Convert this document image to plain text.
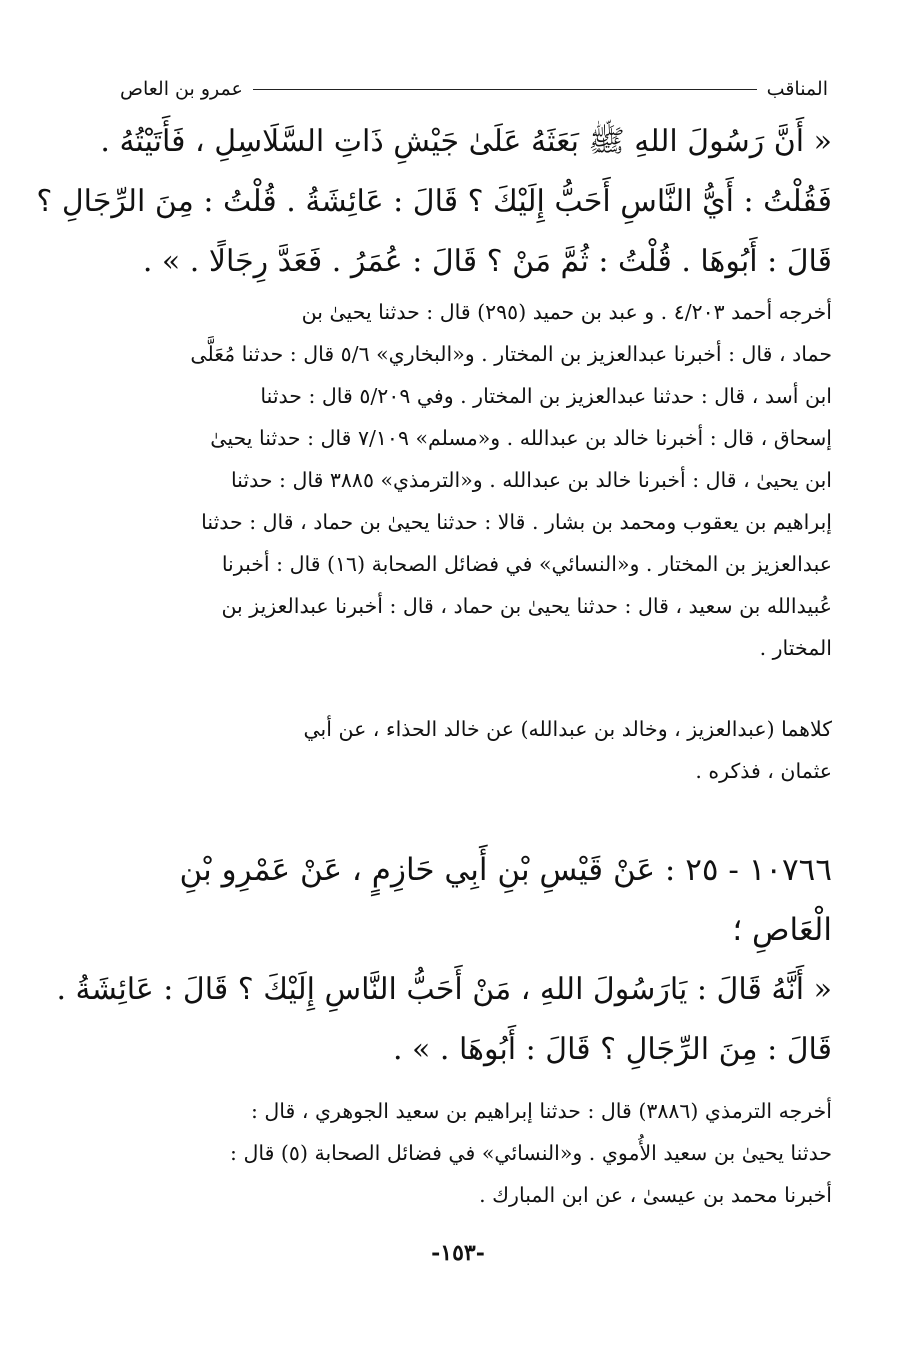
المناقب
عمرو بن العاص
« أَنَّ رَسُولَ اللهِ ﷺ بَعَثَهُ عَلَىٰ جَيْشِ ذَاتِ السَّلَاسِلِ ، فَأَتَيْتُهُ .
فَقُلْتُ : أَيُّ النَّاسِ أَحَبُّ إِلَيْكَ ؟ قَالَ : عَائِشَةُ . قُلْتُ : مِنَ الرِّجَالِ ؟
قَالَ : أَبُوهَا . قُلْتُ : ثُمَّ مَنْ ؟ قَالَ : عُمَرُ . فَعَدَّ رِجَالًا . » .
أخرجه أحمد ٤/٢٠٣ . و عبد بن حميد (٢٩٥) قال : حدثنا يحيىٰ بن
حماد ، قال : أخبرنا عبدالعزيز بن المختار . و«البخاري» ٥/٦ قال : حدثنا مُعَلَّى
ابن أسد ، قال : حدثنا عبدالعزيز بن المختار . وفي ٥/٢٠٩ قال : حدثنا
إسحاق ، قال : أخبرنا خالد بن عبدالله . و«مسلم» ٧/١٠٩ قال : حدثنا يحيىٰ
ابن يحيىٰ ، قال : أخبرنا خالد بن عبدالله . و«الترمذي» ٣٨٨٥ قال : حدثنا
إبراهيم بن يعقوب ومحمد بن بشار . قالا : حدثنا يحيىٰ بن حماد ، قال : حدثنا
عبدالعزيز بن المختار . و«النسائي» في فضائل الصحابة (١٦) قال : أخبرنا
عُبيدالله بن سعيد ، قال : حدثنا يحيىٰ بن حماد ، قال : أخبرنا عبدالعزيز بن
المختار .
كلاهما (عبدالعزيز ، وخالد بن عبدالله) عن خالد الحذاء ، عن أبي
عثمان ، فذكره .
١٠٧٦٦ - ٢٥ : عَنْ قَيْسِ بْنِ أَبِي حَازِمٍ ، عَنْ عَمْرِو بْنِ
الْعَاصِ ؛
« أَنَّهُ قَالَ : يَارَسُولَ اللهِ ، مَنْ أَحَبُّ النَّاسِ إِلَيْكَ ؟ قَالَ : عَائِشَةُ .
قَالَ : مِنَ الرِّجَالِ ؟ قَالَ : أَبُوهَا . » .
أخرجه الترمذي (٣٨٨٦) قال : حدثنا إبراهيم بن سعيد الجوهري ، قال :
حدثنا يحيىٰ بن سعيد الأُموي . و«النسائي» في فضائل الصحابة (٥) قال :
أخبرنا محمد بن عيسىٰ ، عن ابن المبارك .
-١٥٣-
